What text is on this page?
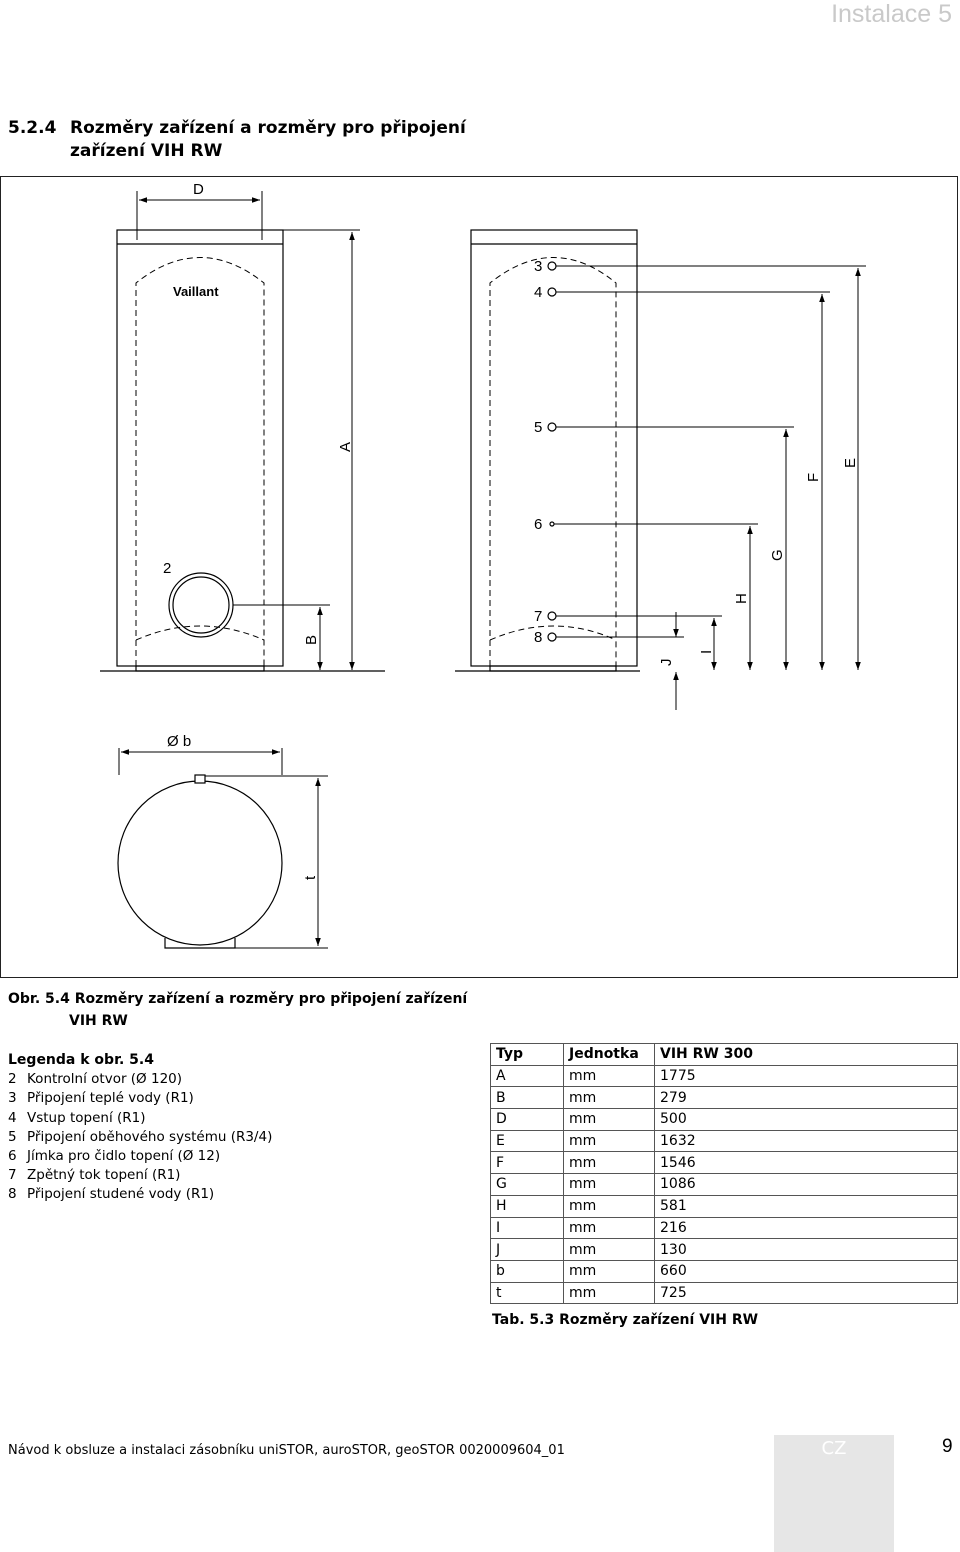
Instalace 5
5.2.4 Rozměry zařízení a rozměry pro připojení
zařízení VIH RW
Vaillant
D
A
B
2
3
4
5
6
7
8
E
F
G
H
I
J
Ø b
t
Obr. 5.4 Rozměry zařízení a rozměry pro připojení zařízení
VIH RW
Legenda k obr. 5.4
2 Kontrolní otvor (Ø 120)
3 Připojení teplé vody (R1)
4 Vstup topení (R1)
5 Připojení oběhového systému (R3/4)
6 Jímka pro čidlo topení (Ø 12)
7 Zpětný tok topení (R1)
8 Připojení studené vody (R1)
Typ	Jednotka	VIH RW 300
A	mm	1775
B	mm	279
D	mm	500
E	mm	1632
F	mm	1546
G	mm	1086
H	mm	581
I	mm	216
J	mm	130
b	mm	660
t	mm	725
Tab. 5.3 Rozměry zařízení VIH RW
Návod k obsluze a instalaci zásobníku uniSTOR, auroSTOR, geoSTOR 0020009604_01	CZ	9
